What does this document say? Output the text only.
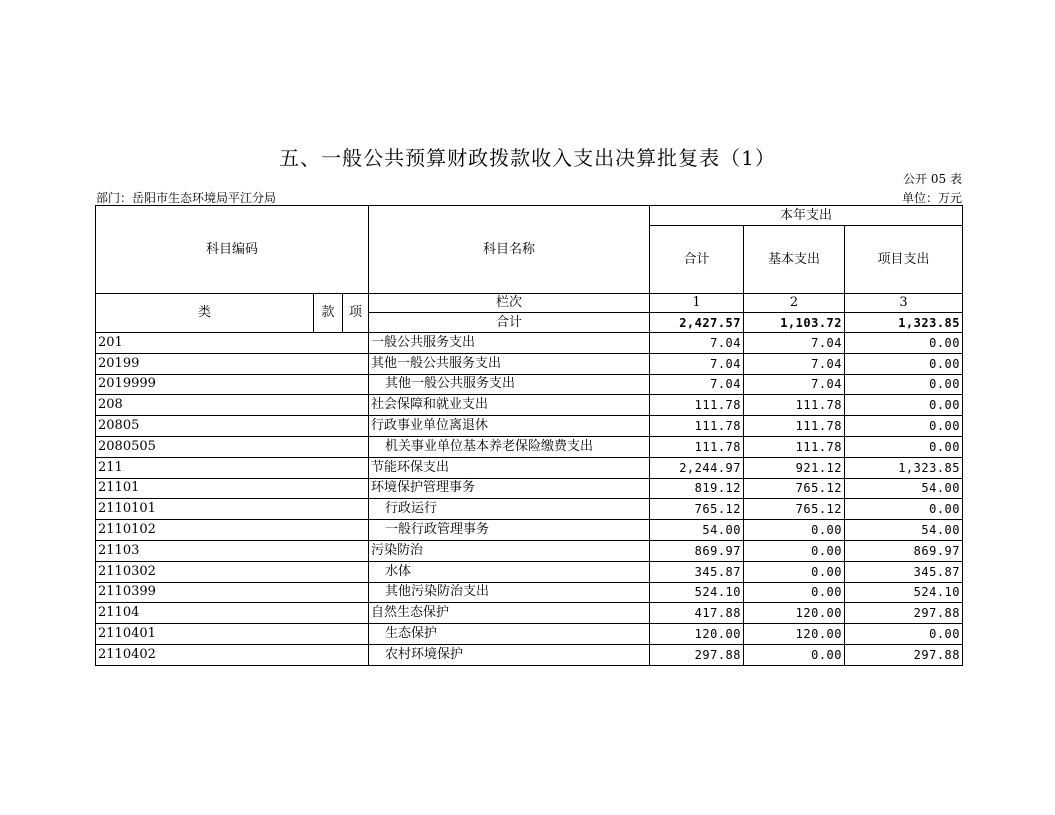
五、一般公共预算财政拨款收入支出决算批复表（1）
公开 05 表
部门：岳阳市生态环境局平江分局	单位：万元
科目编码			科目名称	本年支出		
				合计	基本支出	项目支出
类	款	项	栏次	1	2	3
			合计	2,427.57	1,103.72	1,323.85
201			一般公共服务支出	7.04	7.04	0.00
20199			其他一般公共服务支出	7.04	7.04	0.00
2019999			其他一般公共服务支出	7.04	7.04	0.00
208			社会保障和就业支出	111.78	111.78	0.00
20805			行政事业单位离退休	111.78	111.78	0.00
2080505			机关事业单位基本养老保险缴费支出	111.78	111.78	0.00
211			节能环保支出	2,244.97	921.12	1,323.85
21101			环境保护管理事务	819.12	765.12	54.00
2110101			行政运行	765.12	765.12	0.00
2110102			一般行政管理事务	54.00	0.00	54.00
21103			污染防治	869.97	0.00	869.97
2110302			水体	345.87	0.00	345.87
2110399			其他污染防治支出	524.10	0.00	524.10
21104			自然生态保护	417.88	120.00	297.88
2110401			生态保护	120.00	120.00	0.00
2110402			农村环境保护	297.88	0.00	297.88
